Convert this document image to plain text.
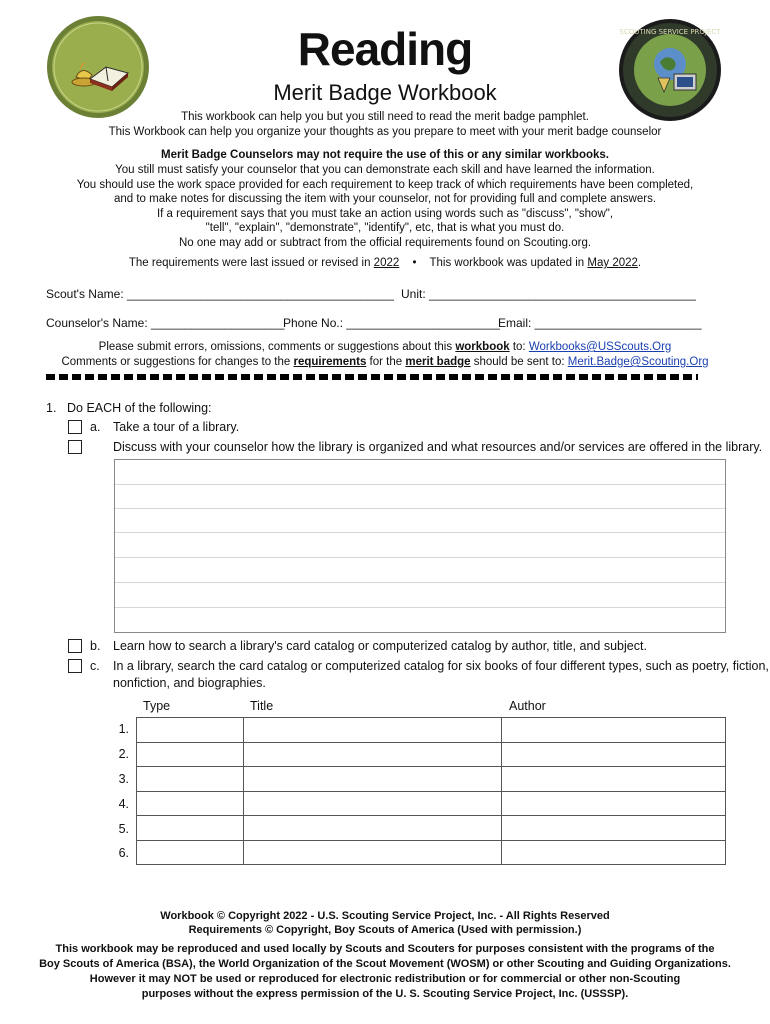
SCOUTING SERVICE PROJECT
Reading
Merit Badge Workbook
This workbook can help you but you still need to read the merit badge pamphlet.
This Workbook can help you organize your thoughts as you prepare to meet with your merit badge counselor
Merit Badge Counselors may not require the use of this or any similar workbooks.
You still must satisfy your counselor that you can demonstrate each skill and have learned the information.
You should use the work space provided for each requirement to keep track of which requirements have been completed,
and to make notes for discussing the item with your counselor, not for providing full and complete answers.
If a requirement says that you must take an action using words such as "discuss", "show",
"tell", "explain", "demonstrate", "identify", etc, that is what you must do.
No one may add or subtract from the official requirements found on Scouting.org.
The requirements were last issued or revised in 2022 • This workbook was updated in May 2022.
Scout's Name: ________________________________________ Unit: ________________________________________
Counselor's Name: ____________________
Phone No.: _______________________
Email: _________________________
Please submit errors, omissions, comments or suggestions about this workbook to: Workbooks@USScouts.Org
Comments or suggestions for changes to the requirements for the merit badge should be sent to: Merit.Badge@Scouting.Org
1. Do EACH of the following:
a. Take a tour of a library.
Discuss with your counselor how the library is organized and what resources and/or services are offered in the library.
b. Learn how to search a library's card catalog or computerized catalog by author, title, and subject.
c. In a library, search the card catalog or computerized catalog for six books of four different types, such as poetry, fiction,
nonfiction, and biographies.
Type	Title	Author
1.
2.
3.
4.
5.
6.

Workbook © Copyright 2022 - U.S. Scouting Service Project, Inc. - All Rights Reserved
Requirements © Copyright, Boy Scouts of America (Used with permission.)
This workbook may be reproduced and used locally by Scouts and Scouters for purposes consistent with the programs of the
Boy Scouts of America (BSA), the World Organization of the Scout Movement (WOSM) or other Scouting and Guiding Organizations.
However it may NOT be used or reproduced for electronic redistribution or for commercial or other non-Scouting
purposes without the express permission of the U. S. Scouting Service Project, Inc. (USSSP).
